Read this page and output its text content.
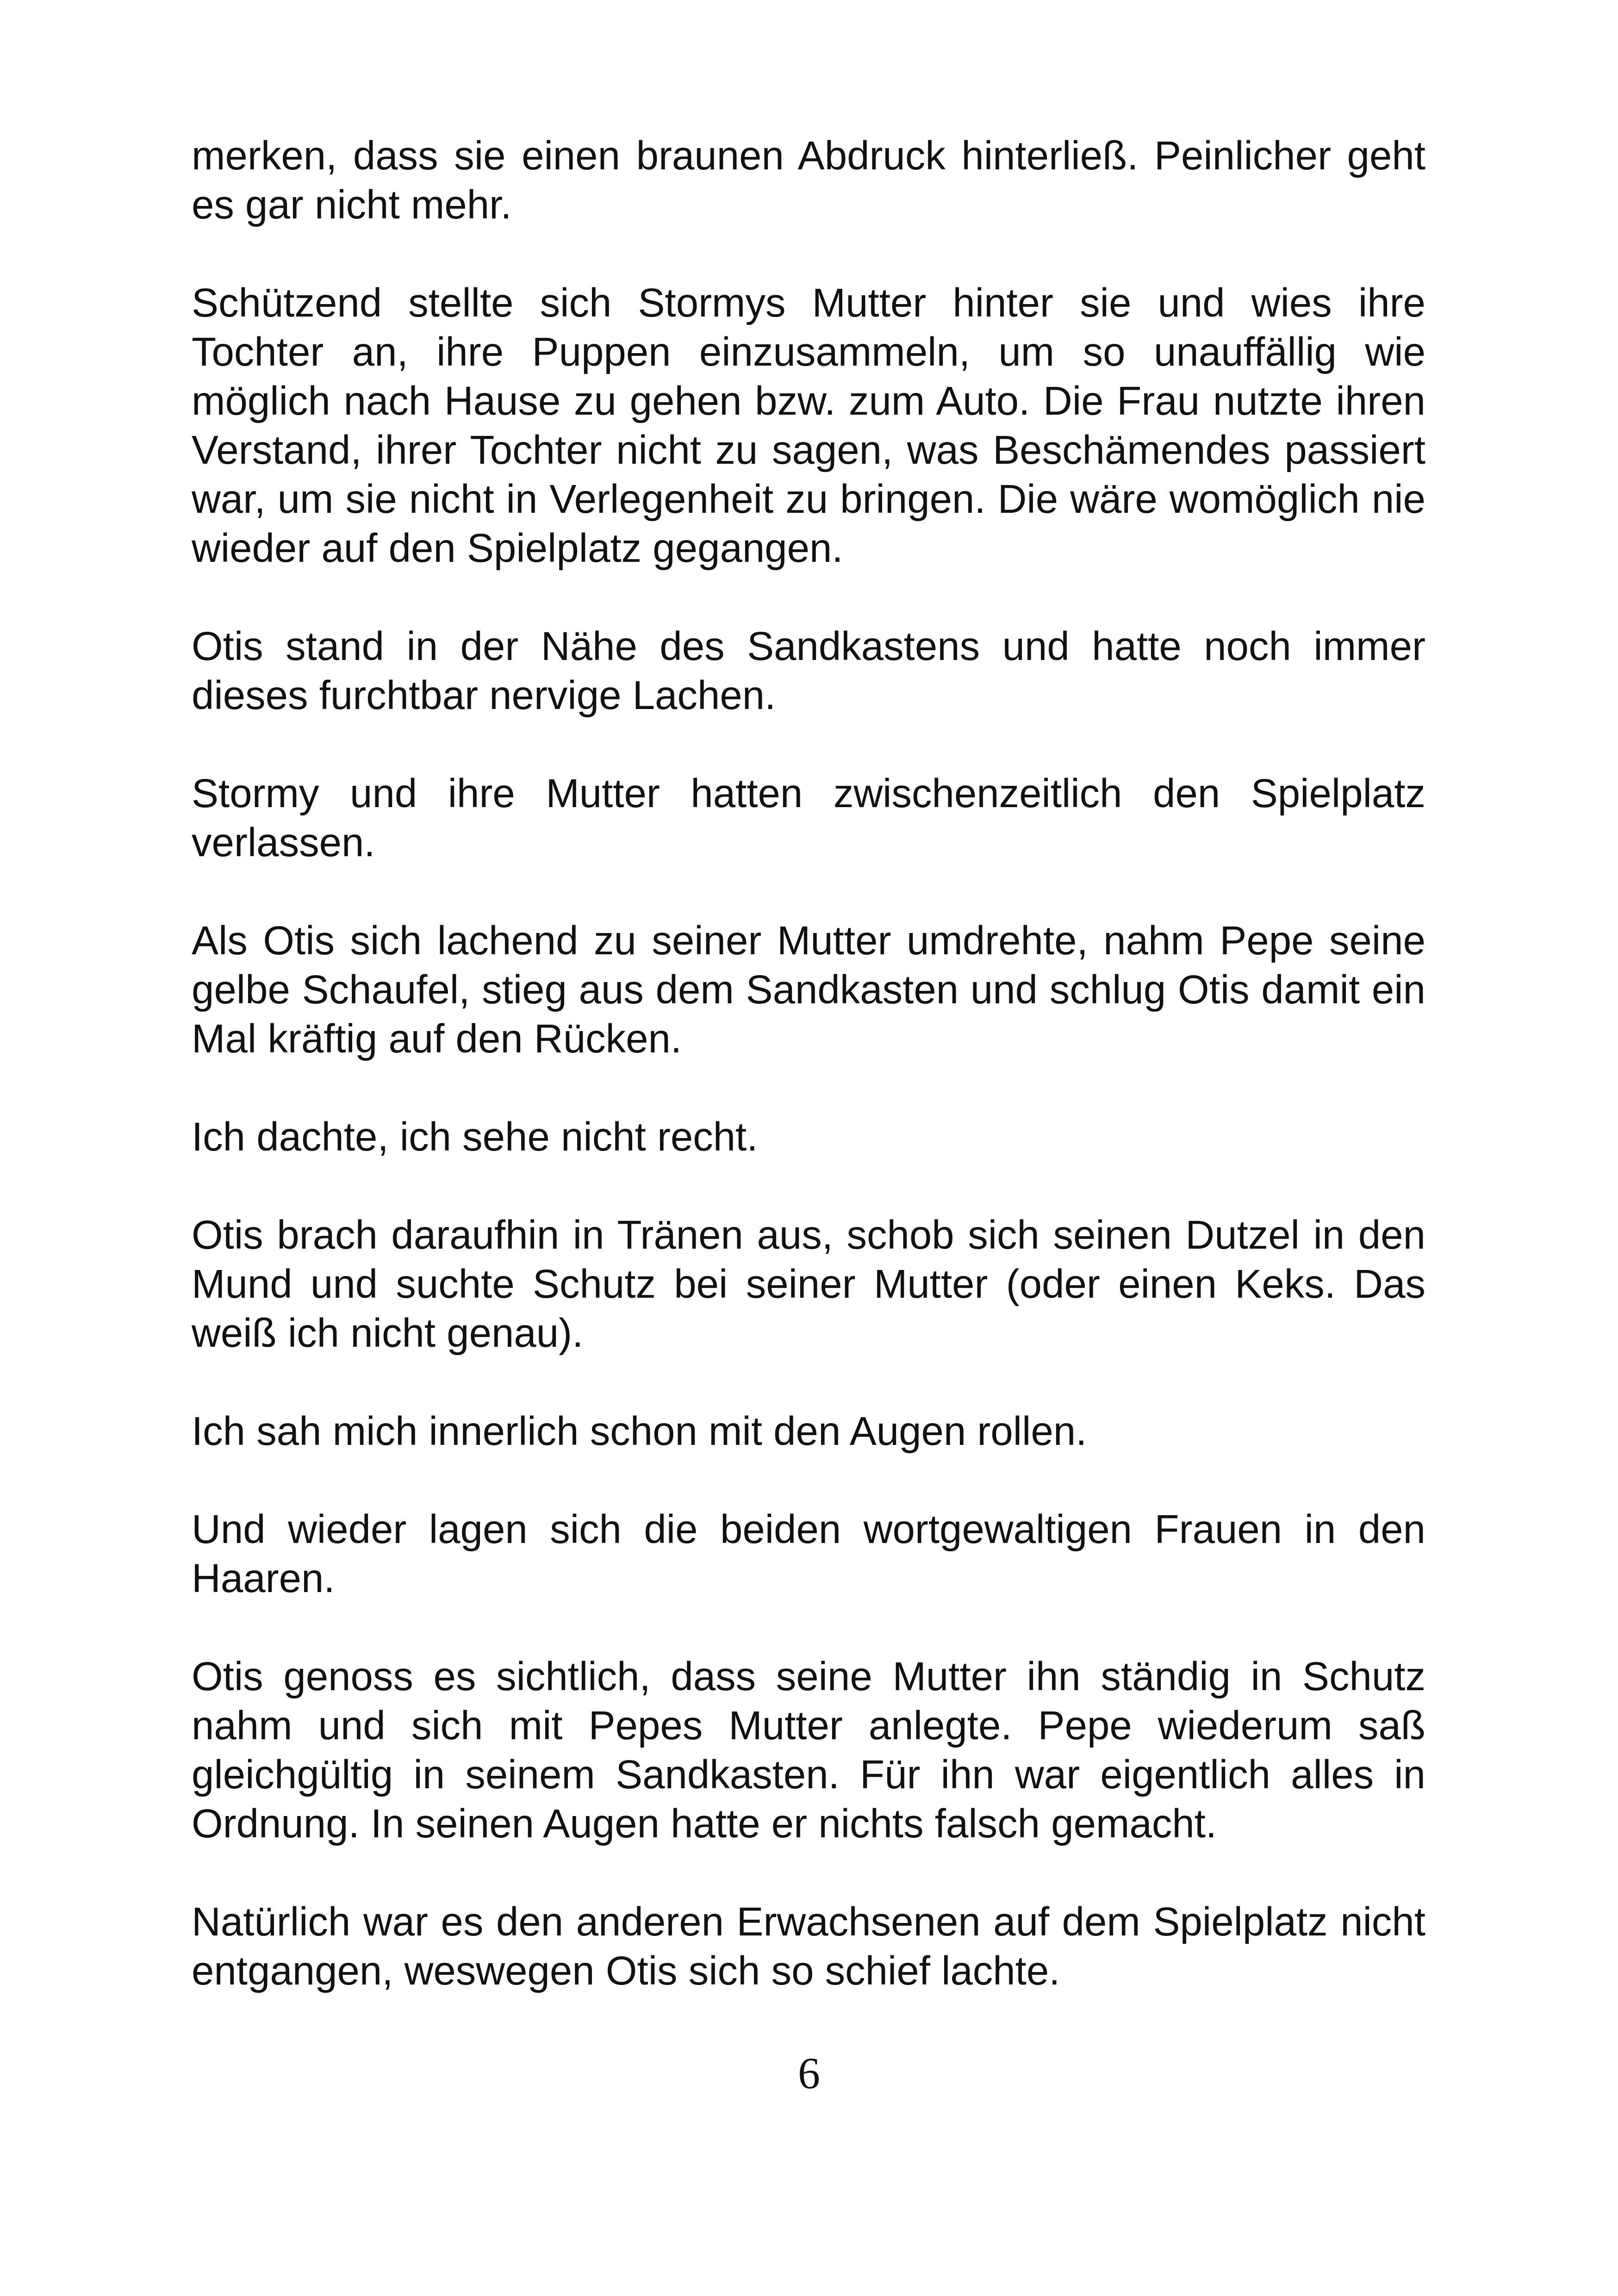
merken, dass sie einen braunen Abdruck hinterließ. Peinlicher geht es gar nicht mehr.

Schützend stellte sich Stormys Mutter hinter sie und wies ihre Tochter an, ihre Puppen einzusammeln, um so unauffällig wie möglich nach Hause zu gehen bzw. zum Auto. Die Frau nutzte ihren Verstand, ihrer Tochter nicht zu sagen, was Beschämendes passiert war, um sie nicht in Verlegenheit zu bringen. Die wäre womöglich nie wieder auf den Spielplatz gegangen.

Otis stand in der Nähe des Sandkastens und hatte noch immer dieses furchtbar nervige Lachen.

Stormy und ihre Mutter hatten zwischenzeitlich den Spielplatz verlassen.

Als Otis sich lachend zu seiner Mutter umdrehte, nahm Pepe seine gelbe Schaufel, stieg aus dem Sandkasten und schlug Otis damit ein Mal kräftig auf den Rücken.

Ich dachte, ich sehe nicht recht.

Otis brach daraufhin in Tränen aus, schob sich seinen Dutzel in den Mund und suchte Schutz bei seiner Mutter (oder einen Keks. Das weiß ich nicht genau).

Ich sah mich innerlich schon mit den Augen rollen.

Und wieder lagen sich die beiden wortgewaltigen Frauen in den Haaren.

Otis genoss es sichtlich, dass seine Mutter ihn ständig in Schutz nahm und sich mit Pepes Mutter anlegte. Pepe wiederum saß gleichgültig in seinem Sandkasten. Für ihn war eigentlich alles in Ordnung. In seinen Augen hatte er nichts falsch gemacht.

Natürlich war es den anderen Erwachsenen auf dem Spielplatz nicht entgangen, weswegen Otis sich so schief lachte.

6
